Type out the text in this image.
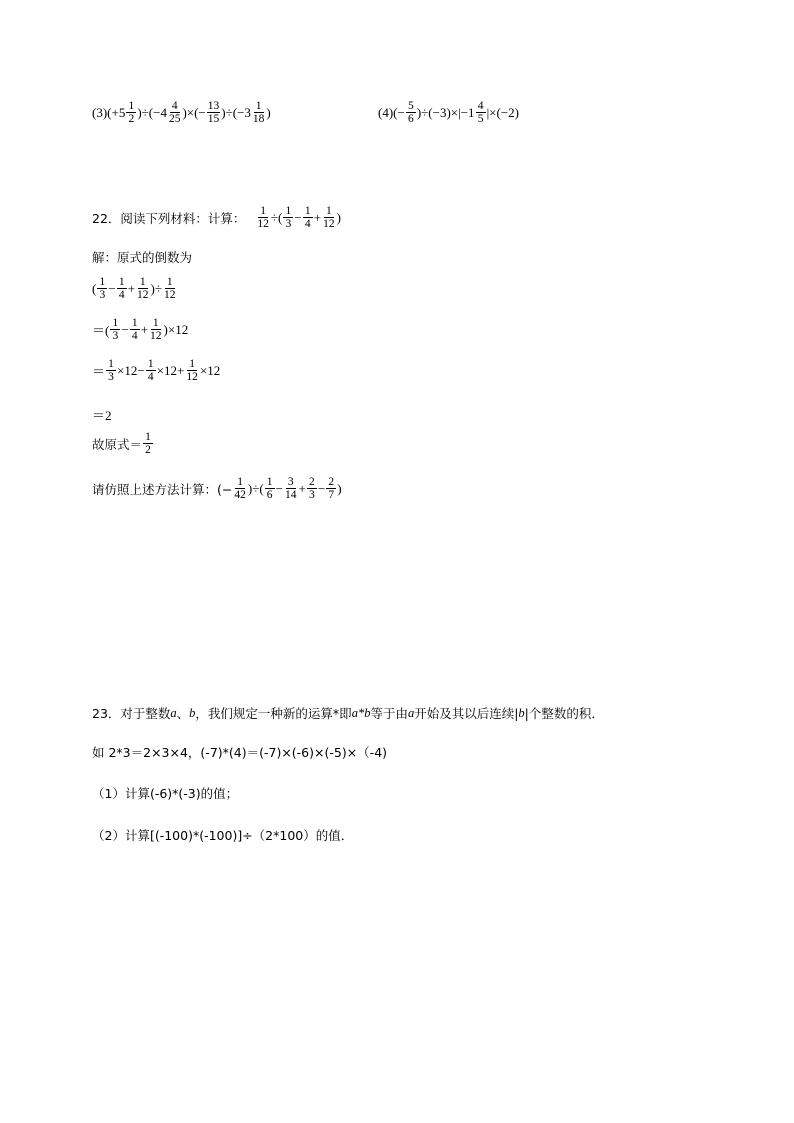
$(3)(+5 \frac{1}{2} )\div(-4 \frac{4}{25}$ )×(− $\frac{13}{15} )\div(-3 \frac{1}{18}$ )	$(4)(- \frac{5}{6} )\div(-3)\times|-1 \frac{4}{5} |\times(-2)$
22．阅读下列材料：计算： $\frac{1}{12}$ ÷( $\frac{1}{3} - \frac{1}{4} + \frac{1}{12}$ )
解：原式的倒数为
( $\frac{1}{3} - \frac{1}{4} + \frac{1}{12}$ )÷ $\frac{1}{12}$
＝( $\frac{1}{3} - \frac{1}{4} + \frac{1}{12} )\times 12$
＝ $\frac{1}{3} \times 12- \frac{1}{4} \times 12+ \frac{1}{12} \times 12$
＝2
故原式＝ $\frac{1}{2}$
请仿照上述方法计算：(− $\frac{1}{42}$ )÷( $\frac{1}{6} - \frac{3}{14} + \frac{2}{3} - \frac{2}{7}$ )
23．对于整数 a 、 b ，我们规定一种新的运算*即 a*b 等于由 a 开始及其以后连续| b |个整数的积．
如 2*3＝2×3×4，(-7)*(4)＝(-7)×(-6)×(-5)×（-4)
（1）计算(-6)*(-3)的值；
（2）计算[(-100)*(-100)]÷（2*100）的值．
